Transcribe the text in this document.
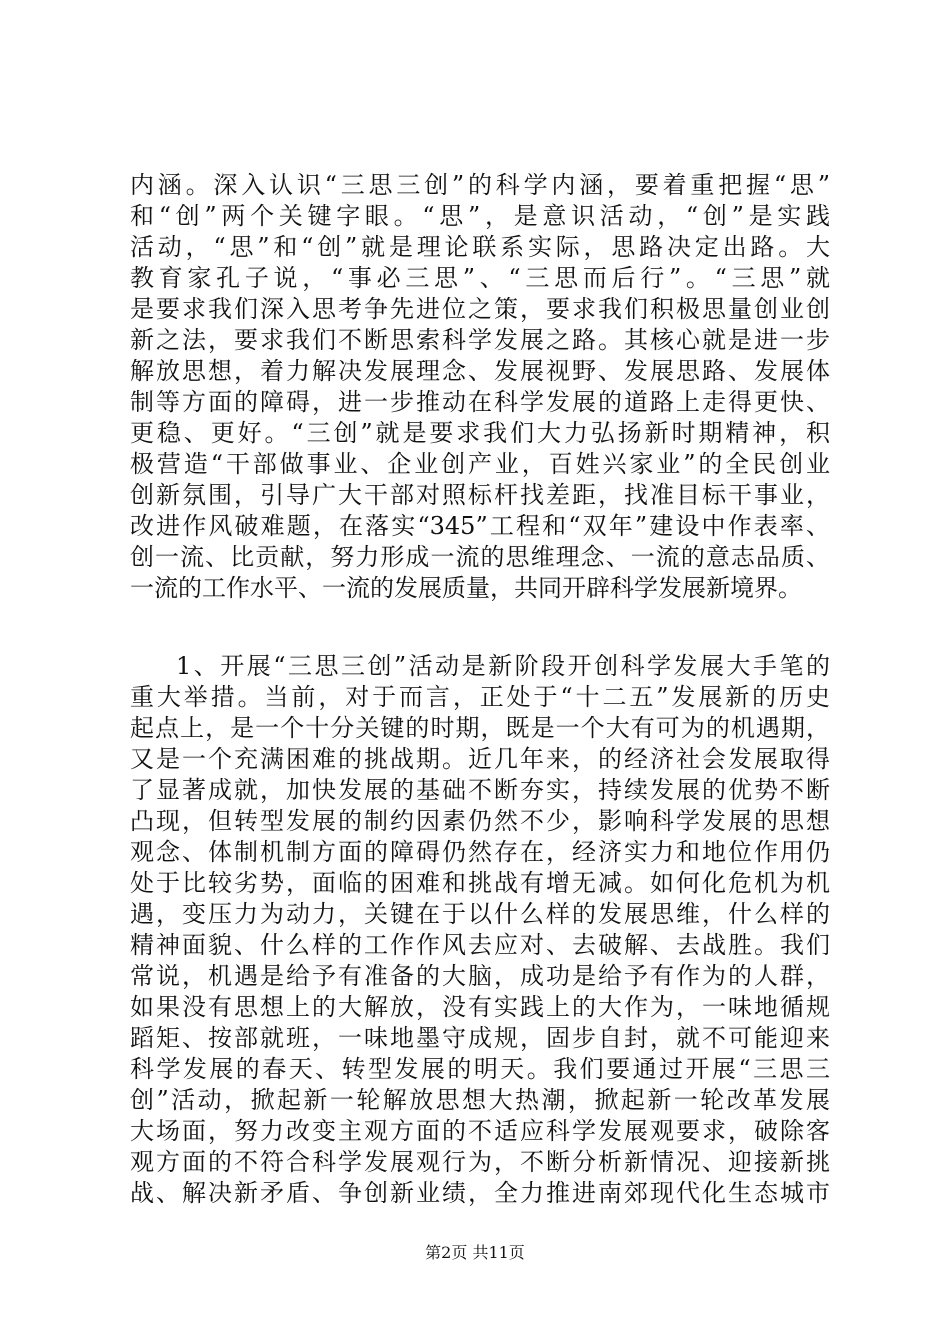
内涵。深入认识“三思三创”的科学内涵，要着重把握“思”
和“创”两个关键字眼。“思”，是意识活动，“创”是实践
活动，“思”和“创”就是理论联系实际，思路决定出路。大
教育家孔子说，“事必三思”、“三思而后行”。“三思”就
是要求我们深入思考争先进位之策，要求我们积极思量创业创
新之法，要求我们不断思索科学发展之路。其核心就是进一步
解放思想，着力解决发展理念、发展视野、发展思路、发展体
制等方面的障碍，进一步推动在科学发展的道路上走得更快、
更稳、更好。“三创”就是要求我们大力弘扬新时期精神，积
极营造“干部做事业、企业创产业，百姓兴家业”的全民创业
创新氛围，引导广大干部对照标杆找差距，找准目标干事业，
改进作风破难题，在落实“345”工程和“双年”建设中作表率、
创一流、比贡献，努力形成一流的思维理念、一流的意志品质、
一流的工作水平、一流的发展质量，共同开辟科学发展新境界。
1、开展“三思三创”活动是新阶段开创科学发展大手笔的
重大举措。当前，对于而言，正处于“十二五”发展新的历史
起点上，是一个十分关键的时期，既是一个大有可为的机遇期，
又是一个充满困难的挑战期。近几年来，的经济社会发展取得
了显著成就，加快发展的基础不断夯实，持续发展的优势不断
凸现，但转型发展的制约因素仍然不少，影响科学发展的思想
观念、体制机制方面的障碍仍然存在，经济实力和地位作用仍
处于比较劣势，面临的困难和挑战有增无减。如何化危机为机
遇，变压力为动力，关键在于以什么样的发展思维，什么样的
精神面貌、什么样的工作作风去应对、去破解、去战胜。我们
常说，机遇是给予有准备的大脑，成功是给予有作为的人群，
如果没有思想上的大解放，没有实践上的大作为，一味地循规
蹈矩、按部就班，一味地墨守成规，固步自封，就不可能迎来
科学发展的春天、转型发展的明天。我们要通过开展“三思三
创”活动，掀起新一轮解放思想大热潮，掀起新一轮改革发展
大场面，努力改变主观方面的不适应科学发展观要求，破除客
观方面的不符合科学发展观行为，不断分析新情况、迎接新挑
战、解决新矛盾、争创新业绩，全力推进南郊现代化生态城市
第2页 共11页
